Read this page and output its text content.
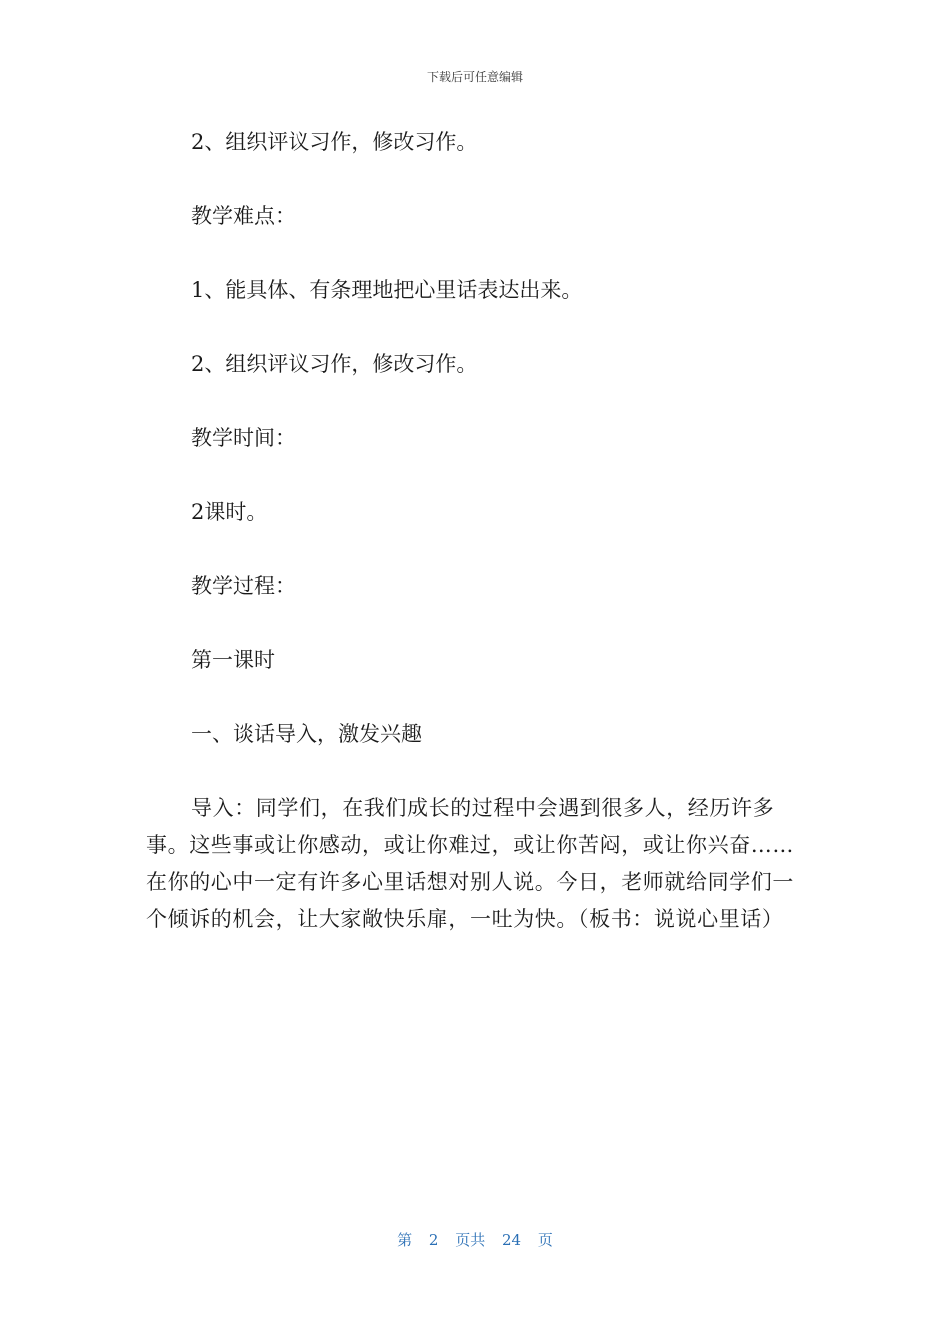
下载后可任意编辑

2、组织评议习作，修改习作。

教学难点：

1、能具体、有条理地把心里话表达出来。

2、组织评议习作，修改习作。

教学时间：

2课时。

教学过程：

第一课时

一、谈话导入，激发兴趣

导入：同学们，在我们成长的过程中会遇到很多人，经历许多事。这些事或让你感动，或让你难过，或让你苦闷，或让你兴奋……在你的心中一定有许多心里话想对别人说。今日，老师就给同学们一个倾诉的机会，让大家敞快乐扉，一吐为快。（板书：说说心里话）

第 2 页共 24 页
